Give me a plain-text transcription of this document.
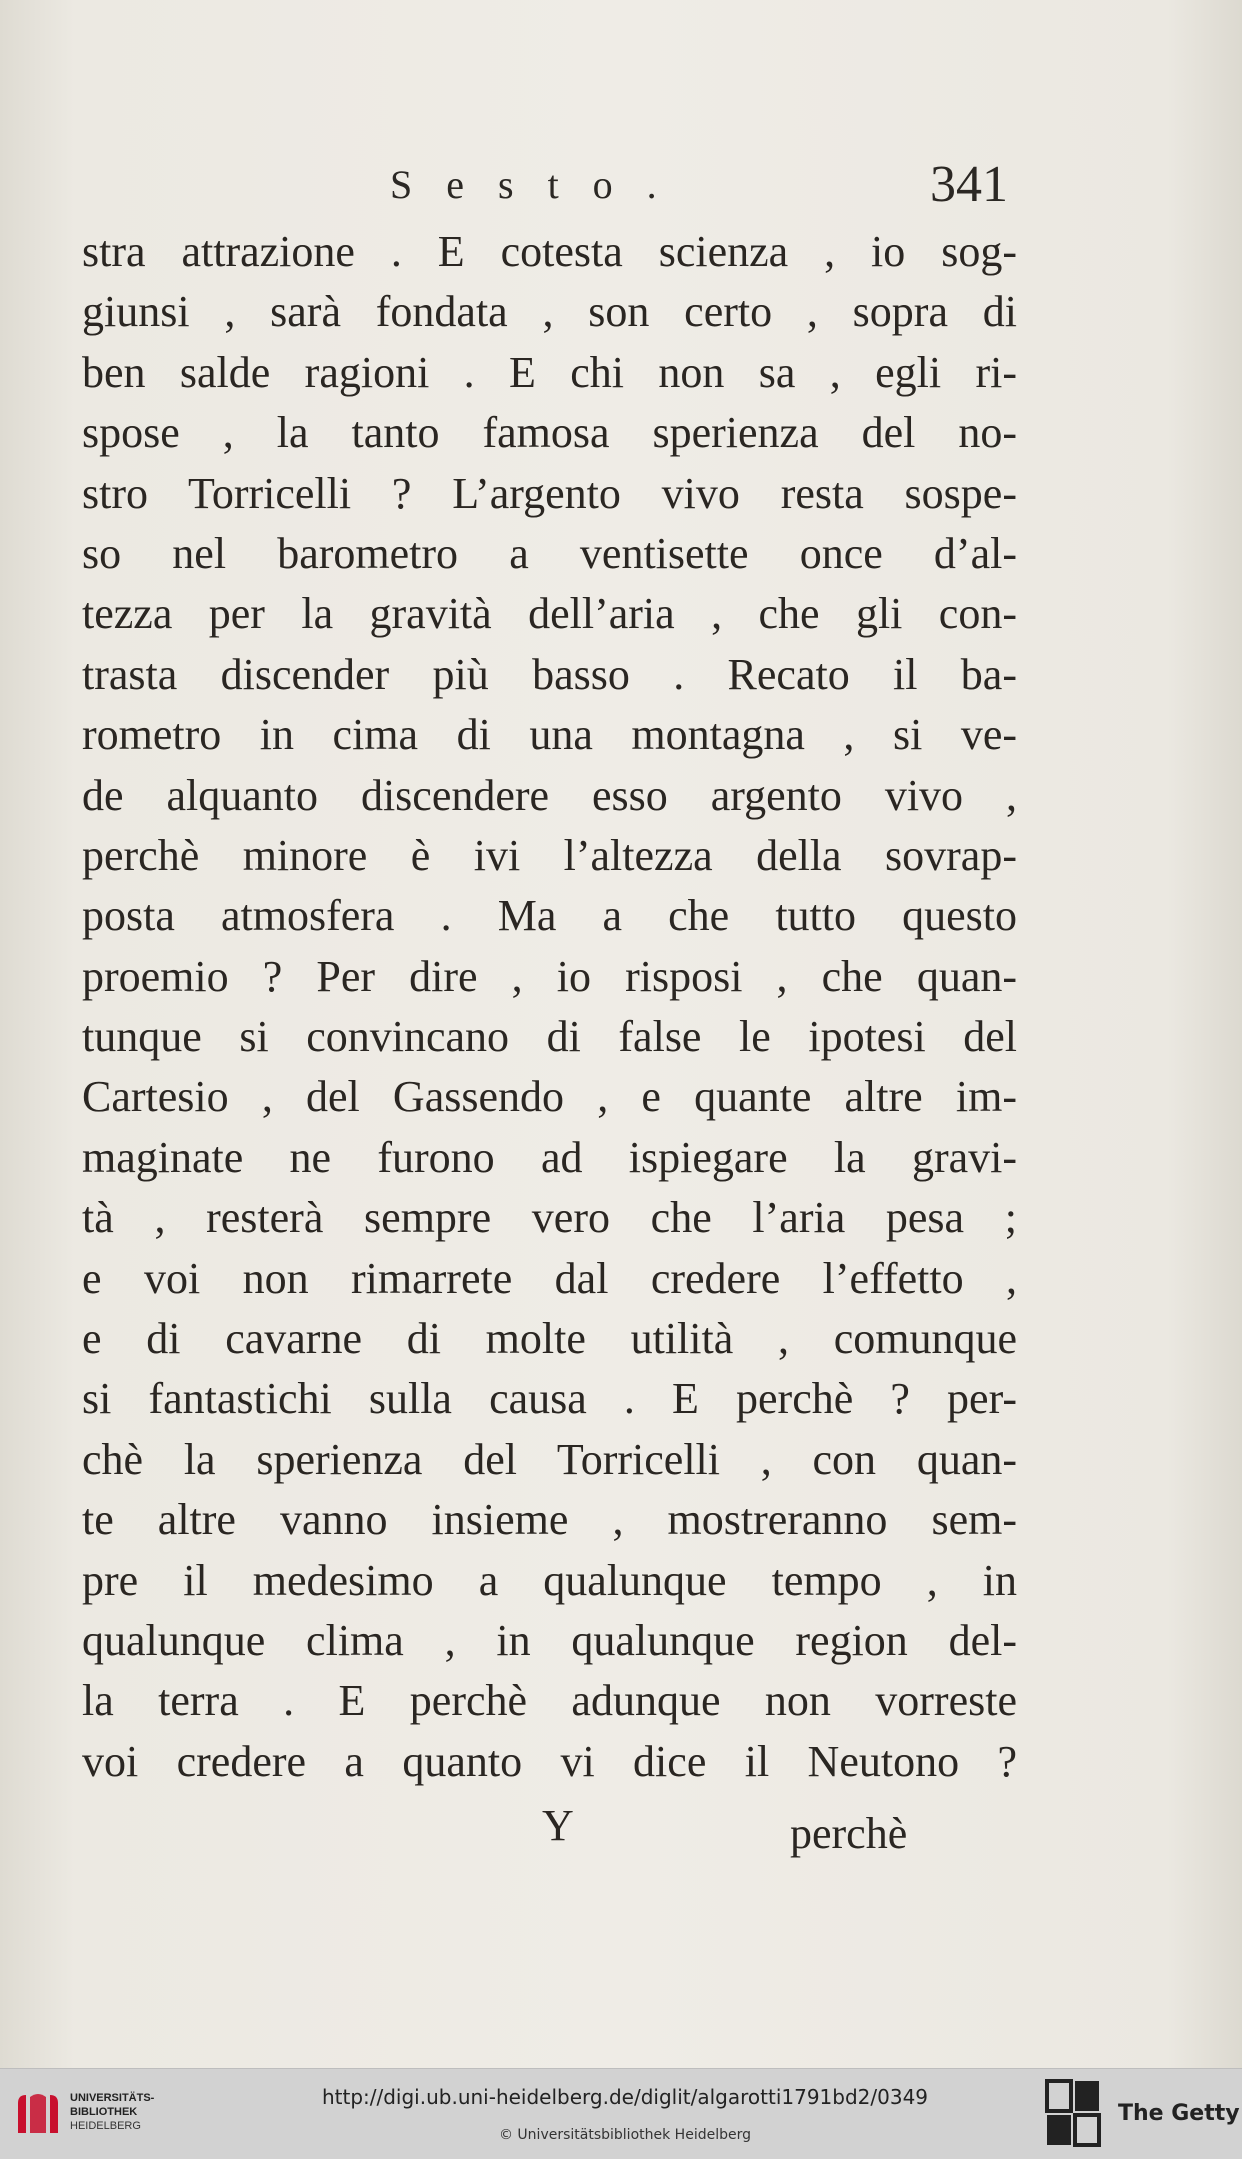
Sesto.	341
stra attrazione . E cotesta scienza , io sog-
giunsi , sarà fondata , son certo , sopra di
ben salde ragioni . E chi non sa , egli ri-
spose , la tanto famosa sperienza del no-
stro Torricelli ? L’argento vivo resta sospe-
so nel barometro a ventisette once d’al-
tezza per la gravità dell’aria , che gli con-
trasta discender più basso . Recato il ba-
rometro in cima di una montagna , si ve-
de alquanto discendere esso argento vivo ,
perchè minore è ivi l’altezza della sovrap-
posta atmosfera . Ma a che tutto questo
proemio ? Per dire , io risposi , che quan-
tunque si convincano di false le ipotesi del
Cartesio , del Gassendo , e quante altre im-
maginate ne furono ad ispiegare la gravi-
tà , resterà sempre vero che l’aria pesa ;
e voi non rimarrete dal credere l’effetto ,
e di cavarne di molte utilità , comunque
si fantastichi sulla causa . E perchè ? per-
chè la sperienza del Torricelli , con quan-
te altre vanno insieme , mostreranno sem-
pre il medesimo a qualunque tempo , in
qualunque clima , in qualunque region del-
la terra . E perchè adunque non vorreste
voi credere a quanto vi dice il Neutono ?
Y	perchè
UNIVERSITÄTS-
BIBLIOTHEK
HEIDELBERG
http://digi.ub.uni-heidelberg.de/diglit/algarotti1791bd2/0349
© Universitätsbibliothek Heidelberg
The Getty
